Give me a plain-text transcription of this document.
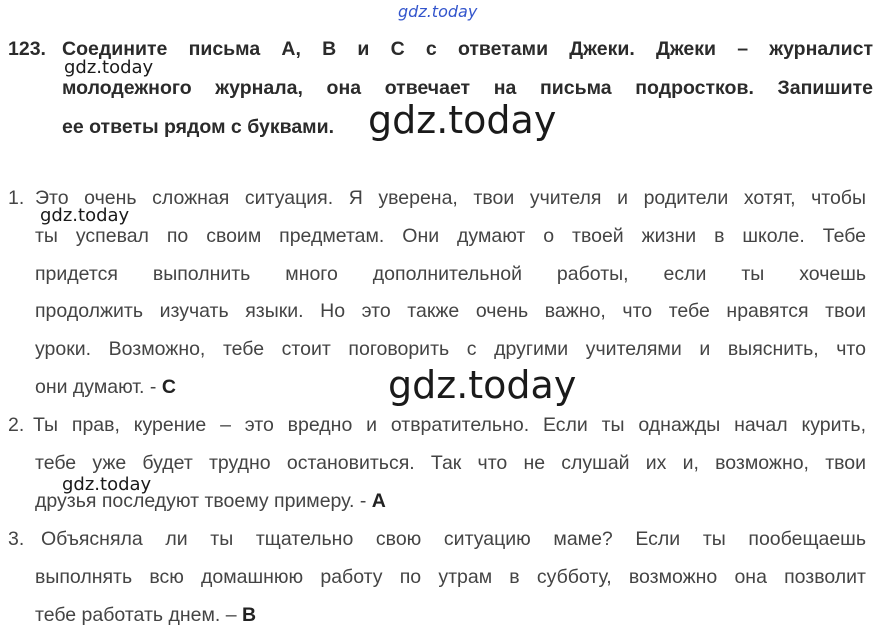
gdz.today
gdz.today
gdz.today
gdz.today
gdz.today
gdz.today
123. Соедините письма А, В и С с ответами Джеки. Джеки – журналист
молодежного журнала, она отвечает на письма подростков. Запишите
ее ответы рядом с буквами.
1. Это очень сложная ситуация. Я уверена, твои учителя и родители хотят, чтобы
ты успевал по своим предметам. Они думают о твоей жизни в школе. Тебе
придется выполнить много дополнительной работы, если ты хочешь
продолжить изучать языки. Но это также очень важно, что тебе нравятся твои
уроки. Возможно, тебе стоит поговорить с другими учителями и выяснить, что
они думают. - С
2. Ты прав, курение – это вредно и отвратительно. Если ты однажды начал курить,
тебе уже будет трудно остановиться. Так что не слушай их и, возможно, твои
друзья последуют твоему примеру. - А
3. Объясняла ли ты тщательно свою ситуацию маме? Если ты пообещаешь
выполнять всю домашнюю работу по утрам в субботу, возможно она позволит
тебе работать днем. – В
